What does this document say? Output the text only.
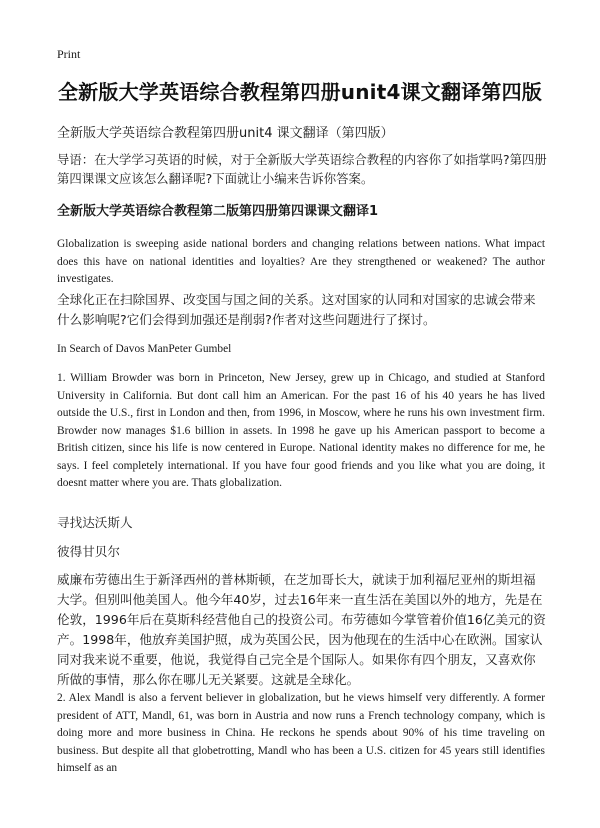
Print
全新版大学英语综合教程第四册unit4课文翻译第四版
全新版大学英语综合教程第四册unit4 课文翻译（第四版）
导语：在大学学习英语的时候，对于全新版大学英语综合教程的内容你了如指掌吗?第四册第四课课文应该怎么翻译呢?下面就让小编来告诉你答案。
全新版大学英语综合教程第二版第四册第四课课文翻译1
Globalization is sweeping aside national borders and changing relations between nations. What impact does this have on national identities and loyalties? Are they strengthened or weakened? The author investigates.
全球化正在扫除国界、改变国与国之间的关系。这对国家的认同和对国家的忠诚会带来什么影响呢?它们会得到加强还是削弱?作者对这些问题进行了探讨。
In Search of Davos ManPeter Gumbel
1. William Browder was born in Princeton, New Jersey, grew up in Chicago, and studied at Stanford University in California. But dont call him an American. For the past 16 of his 40 years he has lived outside the U.S., first in London and then, from 1996, in Moscow, where he runs his own investment firm. Browder now manages $1.6 billion in assets. In 1998 he gave up his American passport to become a British citizen, since his life is now centered in Europe. National identity makes no difference for me, he says. I feel completely international. If you have four good friends and you like what you are doing, it doesnt matter where you are. Thats globalization.
寻找达沃斯人
彼得甘贝尔
威廉布劳德出生于新泽西州的普林斯顿，在芝加哥长大，就读于加利福尼亚州的斯坦福大学。但别叫他美国人。他今年40岁，过去16年来一直生活在美国以外的地方，先是在伦敦，1996年后在莫斯科经营他自己的投资公司。布劳德如今掌管着价值16亿美元的资产。1998年，他放弃美国护照，成为英国公民，因为他现在的生活中心在欧洲。国家认同对我来说不重要，他说，我觉得自己完全是个国际人。如果你有四个朋友，又喜欢你所做的事情，那么你在哪儿无关紧要。这就是全球化。
2. Alex Mandl is also a fervent believer in globalization, but he views himself very differently. A former president of ATT, Mandl, 61, was born in Austria and now runs a French technology company, which is doing more and more business in China. He reckons he spends about 90% of his time traveling on business. But despite all that globetrotting, Mandl who has been a U.S. citizen for 45 years still identifies himself as an
